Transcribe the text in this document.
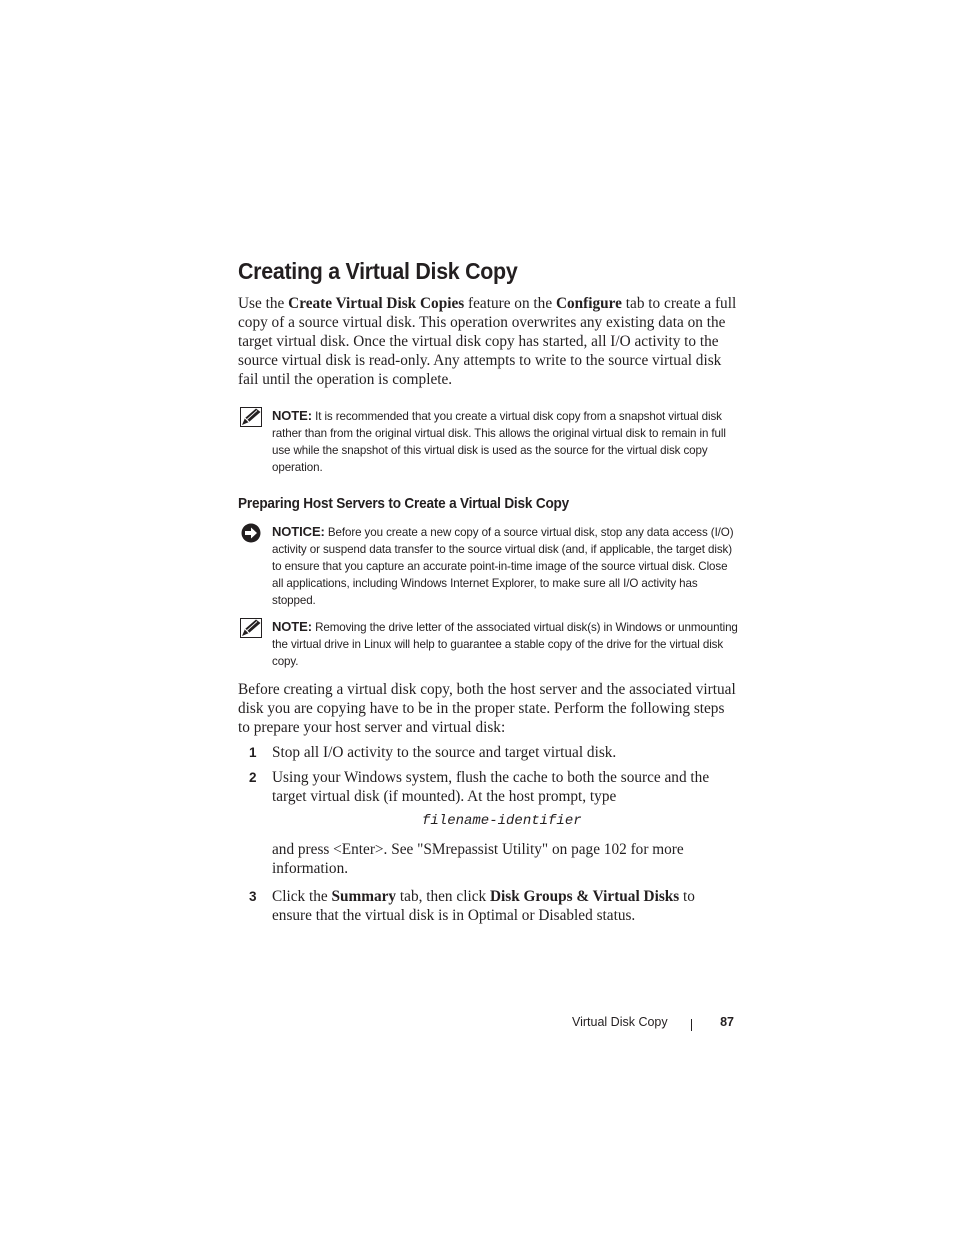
Creating a Virtual Disk Copy

Use the Create Virtual Disk Copies feature on the Configure tab to create a full copy of a source virtual disk. This operation overwrites any existing data on the target virtual disk. Once the virtual disk copy has started, all I/O activity to the source virtual disk is read-only. Any attempts to write to the source virtual disk fail until the operation is complete.

NOTE: It is recommended that you create a virtual disk copy from a snapshot virtual disk rather than from the original virtual disk. This allows the original virtual disk to remain in full use while the snapshot of this virtual disk is used as the source for the virtual disk copy operation.
Preparing Host Servers to Create a Virtual Disk Copy
NOTICE: Before you create a new copy of a source virtual disk, stop any data access (I/O) activity or suspend data transfer to the source virtual disk (and, if applicable, the target disk) to ensure that you capture an accurate point-in-time image of the source virtual disk. Close all applications, including Windows Internet Explorer, to make sure all I/O activity has stopped.
NOTE: Removing the drive letter of the associated virtual disk(s) in Windows or unmounting the virtual drive in Linux will help to guarantee a stable copy of the drive for the virtual disk copy.

Before creating a virtual disk copy, both the host server and the associated virtual disk you are copying have to be in the proper state. Perform the following steps to prepare your host server and virtual disk:

1 Stop all I/O activity to the source and target virtual disk.
2 Using your Windows system, flush the cache to both the source and the target virtual disk (if mounted). At the host prompt, type
filename-identifier

and press <Enter>. See "SMrepassist Utility" on page 102 for more information.

3 Click the Summary tab, then click Disk Groups & Virtual Disks to ensure that the virtual disk is in Optimal or Disabled status.
Virtual Disk Copy	87
